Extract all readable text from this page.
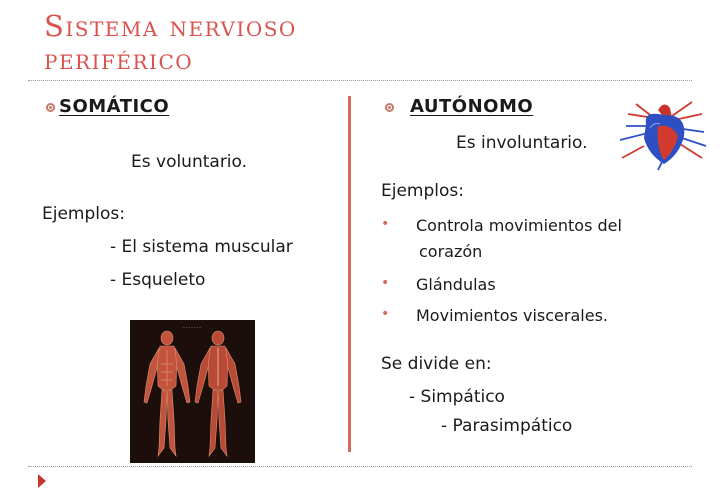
Sistema nervioso
periférico
SOMÁTICO
Es voluntario.
Ejemplos:
- El sistema muscular
- Esqueleto
- - - - - - -
AUTÓNOMO
Es involuntario.
Ejemplos:
• Controla movimientos del
corazón
• Glándulas
• Movimientos viscerales.
Se divide en:
- Simpático
- Parasimpático
